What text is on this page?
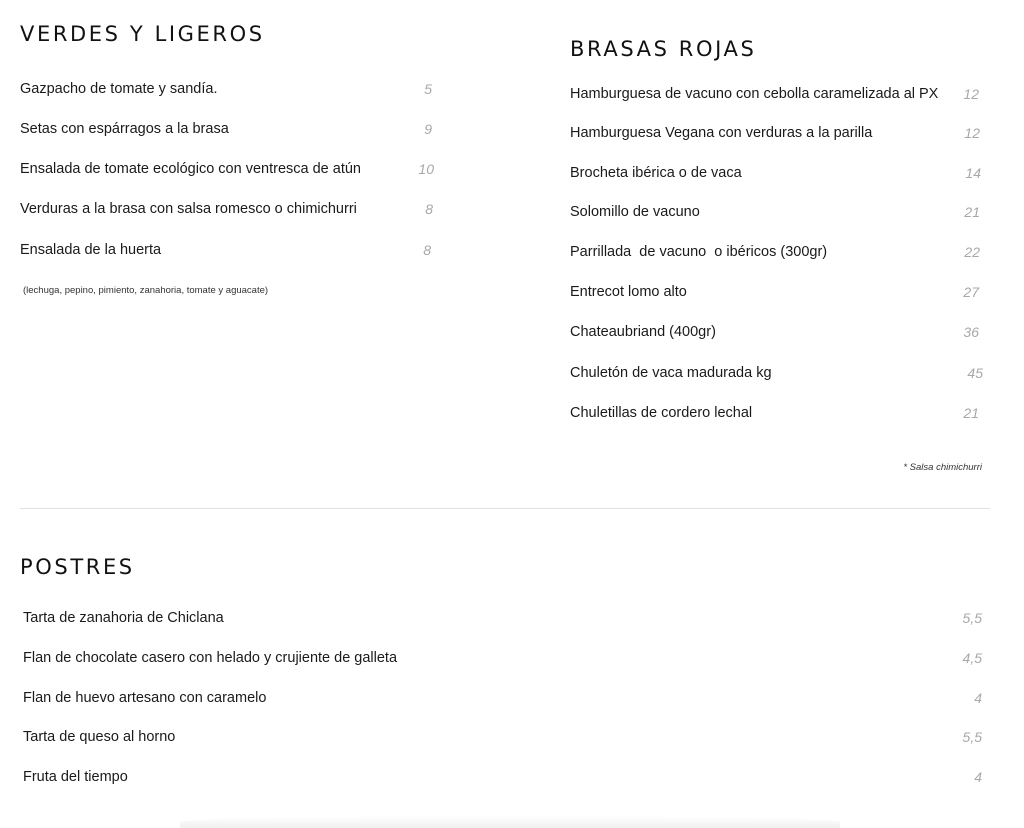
VERDES Y LIGEROS
Gazpacho de tomate y sandía.	5
Setas con espárragos a la brasa	9
Ensalada de tomate ecológico con ventresca de atún	10
Verduras a la brasa con salsa romesco o chimichurri	8
Ensalada de la huerta	8
(lechuga, pepino, pimiento, zanahoria, tomate y aguacate)
BRASAS ROJAS
Hamburguesa de vacuno con cebolla caramelizada al PX 12
Hamburguesa Vegana con verduras a la parilla	12
Brocheta ibérica o de vaca	14
Solomillo de vacuno	21
Parrillada  de vacuno  o ibéricos (300gr)	22
Entrecot lomo alto	27
Chateaubriand (400gr)	36
Chuletón de vaca madurada kg	45
Chuletillas de cordero lechal	21
* Salsa chimichurri
POSTRES
Tarta de zanahoria de Chiclana	5,5
Flan de chocolate casero con helado y crujiente de galleta	4,5
Flan de huevo artesano con caramelo	4
Tarta de queso al horno	5,5
Fruta del tiempo	4
